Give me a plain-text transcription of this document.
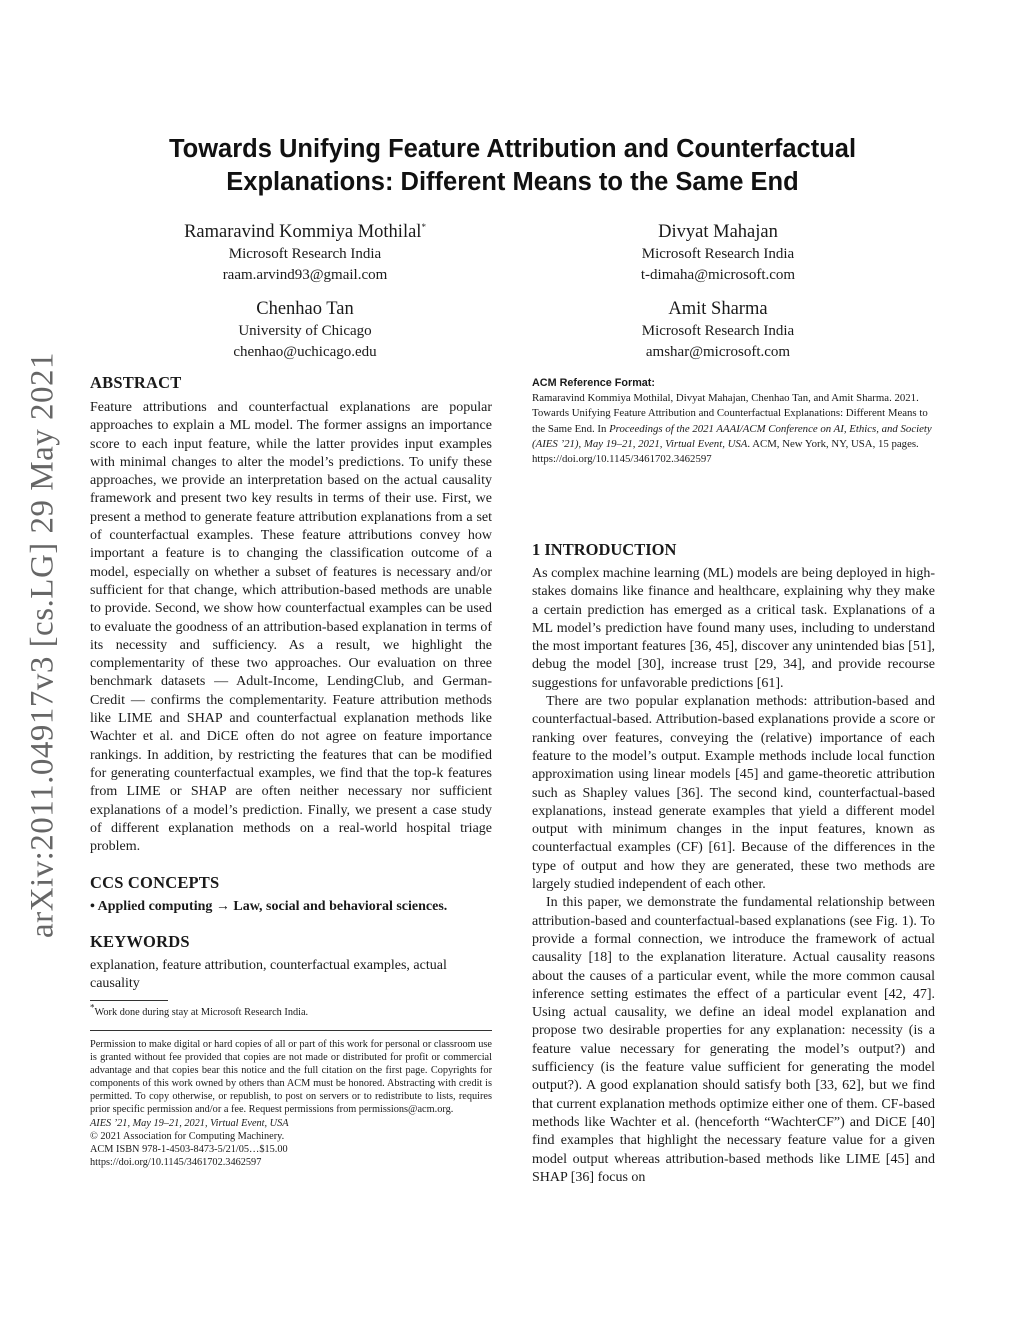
arXiv:2011.04917v3 [cs.LG] 29 May 2021
Towards Unifying Feature Attribution and Counterfactual
Explanations: Different Means to the Same End
Ramaravind Kommiya Mothilal*
Microsoft Research India
raam.arvind93@gmail.com
Divyat Mahajan
Microsoft Research India
t-dimaha@microsoft.com
Chenhao Tan
University of Chicago
chenhao@uchicago.edu
Amit Sharma
Microsoft Research India
amshar@microsoft.com
ABSTRACT
Feature attributions and counterfactual explanations are popular approaches to explain a ML model. The former assigns an importance score to each input feature, while the latter provides input examples with minimal changes to alter the model’s predictions. To unify these approaches, we provide an interpretation based on the actual causality framework and present two key results in terms of their use. First, we present a method to generate feature attribution explanations from a set of counterfactual examples. These feature attributions convey how important a feature is to changing the classification outcome of a model, especially on whether a subset of features is necessary and/or sufficient for that change, which attribution-based methods are unable to provide. Second, we show how counterfactual examples can be used to evaluate the goodness of an attribution-based explanation in terms of its necessity and sufficiency. As a result, we highlight the complementarity of these two approaches. Our evaluation on three benchmark datasets — Adult-Income, LendingClub, and German-Credit — confirms the complementarity. Feature attribution methods like LIME and SHAP and counterfactual explanation methods like Wachter et al. and DiCE often do not agree on feature importance rankings. In addition, by restricting the features that can be modified for generating counterfactual examples, we find that the top-k features from LIME or SHAP are often neither necessary nor sufficient explanations of a model’s prediction. Finally, we present a case study of different explanation methods on a real-world hospital triage problem.
CCS CONCEPTS
• Applied computing → Law, social and behavioral sciences.
KEYWORDS
explanation, feature attribution, counterfactual examples, actual causality
*Work done during stay at Microsoft Research India.
Permission to make digital or hard copies of all or part of this work for personal or classroom use is granted without fee provided that copies are not made or distributed for profit or commercial advantage and that copies bear this notice and the full citation on the first page. Copyrights for components of this work owned by others than ACM must be honored. Abstracting with credit is permitted. To copy otherwise, or republish, to post on servers or to redistribute to lists, requires prior specific permission and/or a fee. Request permissions from permissions@acm.org.
AIES ’21, May 19–21, 2021, Virtual Event, USA
© 2021 Association for Computing Machinery.
ACM ISBN 978-1-4503-8473-5/21/05…$15.00
https://doi.org/10.1145/3461702.3462597
ACM Reference Format:
Ramaravind Kommiya Mothilal, Divyat Mahajan, Chenhao Tan, and Amit Sharma. 2021. Towards Unifying Feature Attribution and Counterfactual Explanations: Different Means to the Same End. In Proceedings of the 2021 AAAI/ACM Conference on AI, Ethics, and Society (AIES ’21), May 19–21, 2021, Virtual Event, USA. ACM, New York, NY, USA, 15 pages. https://doi.org/10.1145/3461702.3462597
1 INTRODUCTION
As complex machine learning (ML) models are being deployed in high-stakes domains like finance and healthcare, explaining why they make a certain prediction has emerged as a critical task. Explanations of a ML model’s prediction have found many uses, including to understand the most important features [36, 45], discover any unintended bias [51], debug the model [30], increase trust [29, 34], and provide recourse suggestions for unfavorable predictions [61].
There are two popular explanation methods: attribution-based and counterfactual-based. Attribution-based explanations provide a score or ranking over features, conveying the (relative) importance of each feature to the model’s output. Example methods include local function approximation using linear models [45] and game-theoretic attribution such as Shapley values [36]. The second kind, counterfactual-based explanations, instead generate examples that yield a different model output with minimum changes in the input features, known as counterfactual examples (CF) [61]. Because of the differences in the type of output and how they are generated, these two methods are largely studied independent of each other.
In this paper, we demonstrate the fundamental relationship between attribution-based and counterfactual-based explanations (see Fig. 1). To provide a formal connection, we introduce the framework of actual causality [18] to the explanation literature. Actual causality reasons about the causes of a particular event, while the more common causal inference setting estimates the effect of a particular event [42, 47]. Using actual causality, we define an ideal model explanation and propose two desirable properties for any explanation: necessity (is a feature value necessary for generating the model’s output?) and sufficiency (is the feature value sufficient for generating the model output?). A good explanation should satisfy both [33, 62], but we find that current explanation methods optimize either one of them. CF-based methods like Wachter et al. (henceforth “WachterCF”) and DiCE [40] find examples that highlight the necessary feature value for a given model output whereas attribution-based methods like LIME [45] and SHAP [36] focus on
